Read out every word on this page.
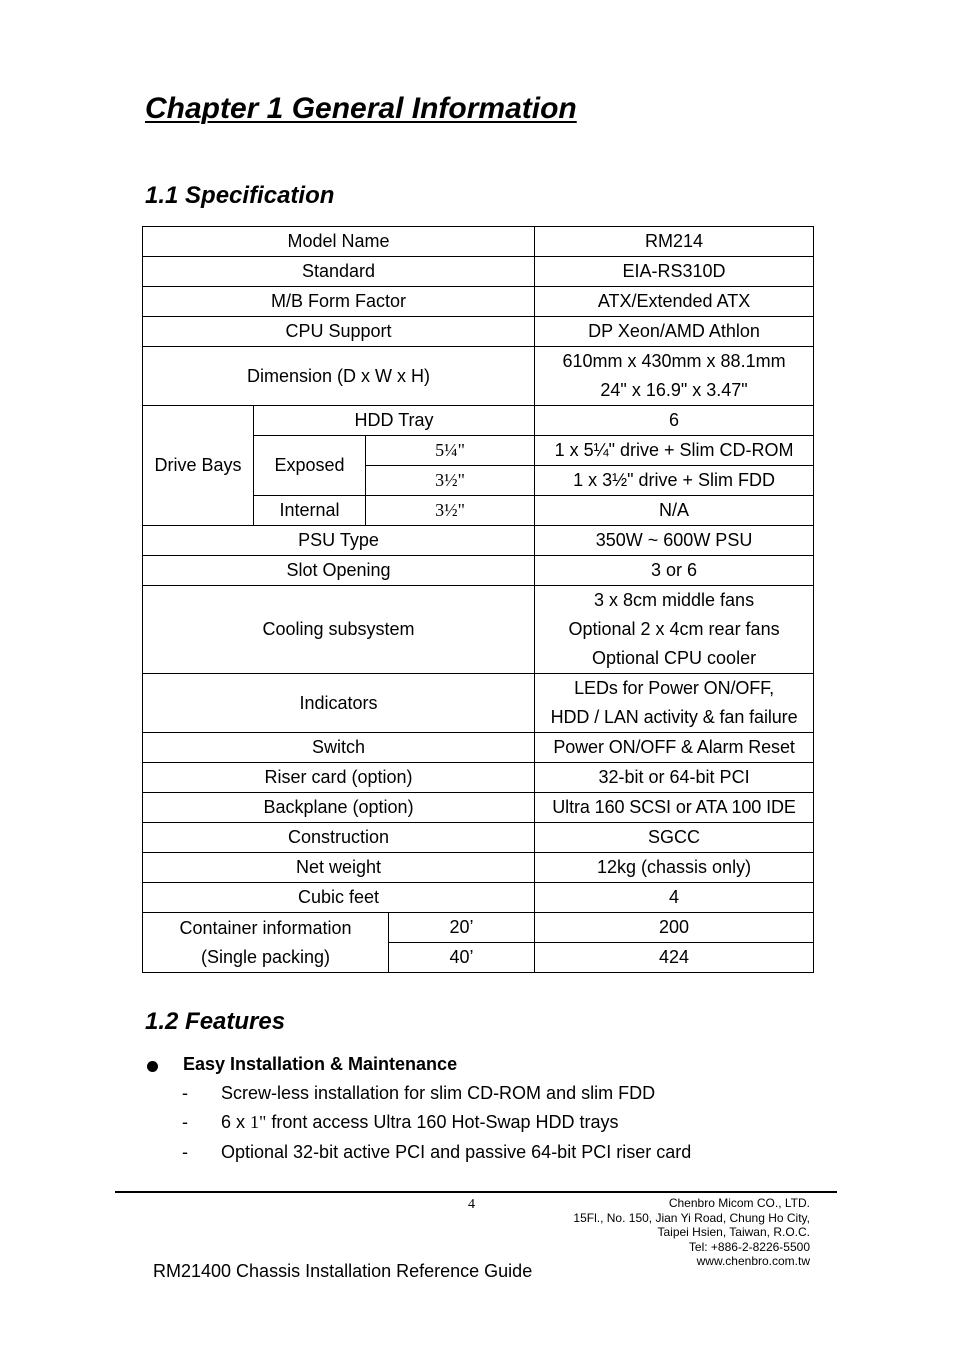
Chapter 1 General Information
1.1 Specification
Model Name				RM214
Standard				EIA-RS310D
M/B Form Factor				ATX/Extended ATX
CPU Support				DP Xeon/AMD Athlon
Dimension (D x W x H)				610mm x 430mm x 88.1mm
24" x 16.9" x 3.47"

Drive Bays	HDD Tray			6
	Exposed	5¼"		1 x 5¼" drive + Slim CD-ROM
		3½"		1 x 3½" drive + Slim FDD
	Internal	3½"		N/A
PSU Type				350W ~ 600W PSU
Slot Opening				3 or 6
Cooling subsystem				3 x 8cm middle fans
Optional 2 x 4cm rear fans
Optional CPU cooler

Indicators				LEDs for Power ON/OFF,
HDD / LAN activity & fan failure

Switch				Power ON/OFF & Alarm Reset
Riser card (option)				32-bit or 64-bit PCI
Backplane (option)				Ultra 160 SCSI or ATA 100 IDE
Construction				SGCC
Net weight				12kg (chassis only)
Cubic feet				4

Container information
(Single packing)			20’	200
			40’	424
1.2 Features
Easy Installation & Maintenance
- Screw-less installation for slim CD-ROM and slim FDD
- 6 x 1" front access Ultra 160 Hot-Swap HDD trays
- Optional 32-bit active PCI and passive 64-bit PCI riser card
4	Chenbro Micom CO., LTD.
15Fl., No. 150, Jian Yi Road, Chung Ho City,
Taipei Hsien, Taiwan, R.O.C.
Tel: +886-2-8226-5500
www.chenbro.com.tw
RM21400 Chassis Installation Reference Guide
